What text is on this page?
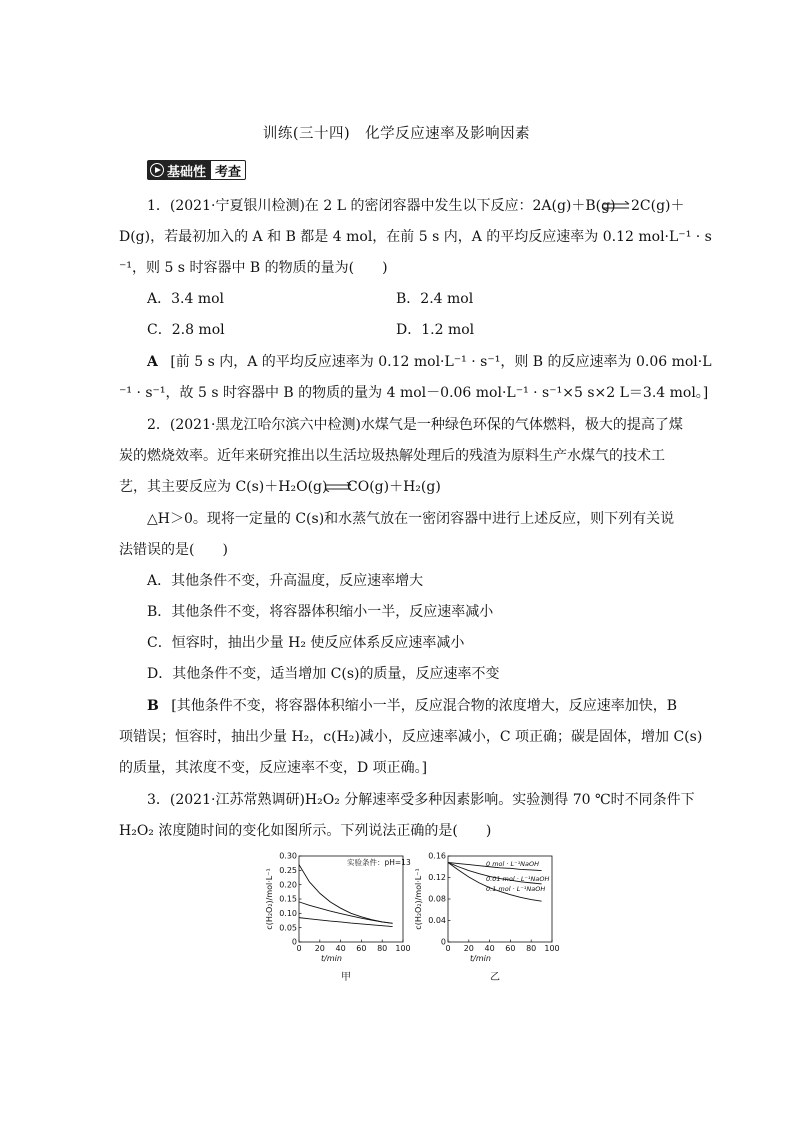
训练(三十四)　化学反应速率及影响因素
基础性 考查
1．(2021·宁夏银川检测)在 2 L 的密闭容器中发生以下反应：2A(g)＋B(g) ⇌ 2C(g)＋
D(g)，若最初加入的 A 和 B 都是 4 mol，在前 5 s 内，A 的平均反应速率为 0.12 mol·L⁻¹ · s
⁻¹，则 5 s 时容器中 B 的物质的量为(　　)
A．3.4 mol	B．2.4 mol
C．2.8 mol	D．1.2 mol
A [前 5 s 内，A 的平均反应速率为 0.12 mol·L⁻¹ · s⁻¹，则 B 的反应速率为 0.06 mol·L
⁻¹ · s⁻¹，故 5 s 时容器中 B 的物质的量为 4 mol－0.06 mol·L⁻¹ · s⁻¹×5 s×2 L＝3.4 mol。]
2．(2021·黑龙江哈尔滨六中检测)水煤气是一种绿色环保的气体燃料，极大的提高了煤
炭的燃烧效率。近年来研究推出以生活垃圾热解处理后的残渣为原料生产水煤气的技术工
艺，其主要反应为 C(s)＋H₂O(g) CO(g)＋H₂(g)
△H＞0。现将一定量的 C(s)和水蒸气放在一密闭容器中进行上述反应，则下列有关说
法错误的是(　　)
A．其他条件不变，升高温度，反应速率增大
B．其他条件不变，将容器体积缩小一半，反应速率减小
C．恒容时，抽出少量 H₂ 使反应体系反应速率减小
D．其他条件不变，适当增加 C(s)的质量，反应速率不变
B [其他条件不变，将容器体积缩小一半，反应混合物的浓度增大，反应速率加快，B
项错误；恒容时，抽出少量 H₂，c(H₂)减小，反应速率减小，C 项正确；碳是固体，增加 C(s)
的质量，其浓度不变，反应速率不变，D 项正确。]
3．(2021·江苏常熟调研)H₂O₂ 分解速率受多种因素影响。实验测得 70 ℃时不同条件下
H₂O₂ 浓度随时间的变化如图所示。下列说法正确的是(　　)
0
0.05
0.10
0.15
0.20
0.25
0.30
0 20 40 60 80 100
t/min
c(H₂O₂)/mol·L⁻¹
甲
实验条件：pH=13
0
0.04
0.08
0.12
0.16
0 20 40 60 80 100
t/min
c(H₂O₂)/mol·L⁻¹
乙
0 mol · L⁻¹NaOH
0.01 mol · L⁻¹NaOH
0.1 mol · L⁻¹NaOH
